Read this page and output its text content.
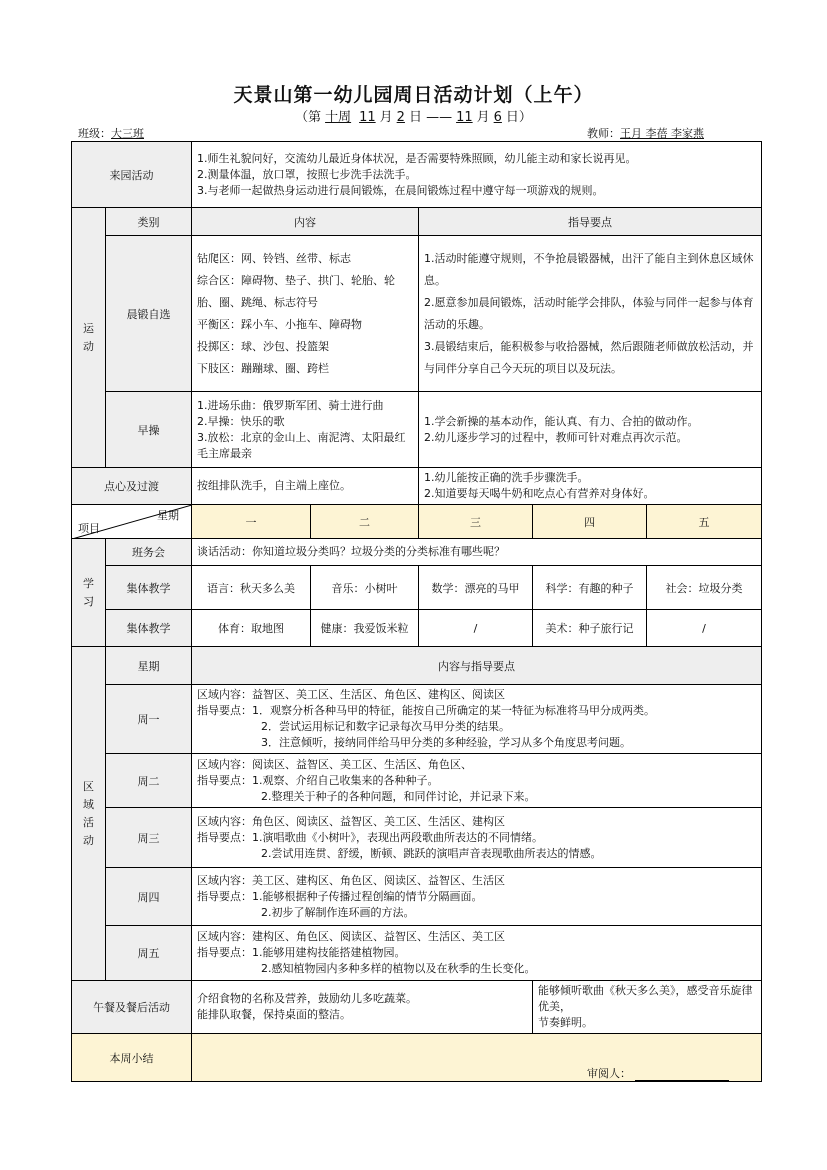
天景山第一幼儿园周日活动计划（上午）
（第 十周 11 月 2 日 —— 11 月 6 日）
班级：大三班	教师：王月 李蓓 李家燕
来园活动		1.师生礼貌问好，交流幼儿最近身体状况，是否需要特殊照顾，幼儿能主动和家长说再见。
2.测量体温，放口罩，按照七步洗手法洗手。
3.与老师一起做热身运动进行晨间锻炼，在晨间锻炼过程中遵守每一项游戏的规则。				

运
动	类别	内容		指导要点		
	晨锻自选	钻爬区：网、铃铛、丝带、标志
综合区：障碍物、垫子、拱门、轮胎、轮胎、圈、跳绳、标志符号
平衡区：踩小车、小拖车、障碍物
投掷区：球、沙包、投篮架
下肢区：蹦蹦球、圈、跨栏		1.活动时能遵守规则，不争抢晨锻器械，出汗了能自主到休息区域休息。
2.愿意参加晨间锻炼，活动时能学会排队，体验与同伴一起参与体育活动的乐趣。
3.晨锻结束后，能积极参与收拾器械，然后跟随老师做放松活动，并与同伴分享自己今天玩的项目以及玩法。		

	早操	1.进场乐曲：俄罗斯军团、骑士进行曲
2.早操：快乐的歌
3.放松：北京的金山上、南泥湾、太阳最红毛主席最亲		1.学会新操的基本动作，能认真、有力、合拍的做动作。
2.幼儿逐步学习的过程中，教师可针对难点再次示范。		

点心及过渡		按组排队洗手，自主端上座位。		1.幼儿能按正确的洗手步骤洗手。
2.知道要每天喝牛奶和吃点心有营养对身体好。		

星期
项目		一	二	三	四	五

学
习	班务会	谈话活动：你知道垃圾分类吗？垃圾分类的分类标准有哪些呢？				
	集体教学	语言：秋天多么美	音乐：小树叶	数学：漂亮的马甲	科学：有趣的种子	社会：垃圾分类
	集体教学	体育：取地图	健康：我爱饭米粒	/	美术：种子旅行记	/

区
域
活
动	星期	内容与指导要点				
	周一	区域内容：益智区、美工区、生活区、角色区、建构区、阅读区
指导要点：1．观察分析各种马甲的特征，能按自己所确定的某一特征为标准将马甲分成两类。
2．尝试运用标记和数字记录每次马甲分类的结果。
3．注意倾听，接纳同伴给马甲分类的多种经验，学习从多个角度思考问题。				

	周二	区域内容：阅读区、益智区、美工区、生活区、角色区、
指导要点：1.观察、介绍自己收集来的各种种子。
2.整理关于种子的各种问题，和同伴讨论，并记录下来。				

	周三	区域内容：角色区、阅读区、益智区、美工区、生活区、建构区
指导要点：1.演唱歌曲《小树叶》，表现出两段歌曲所表达的不同情绪。
2.尝试用连贯、舒缓，断顿、跳跃的演唱声音表现歌曲所表达的情感。				

	周四	区域内容：美工区、建构区、角色区、阅读区、益智区、生活区
指导要点：1.能够根据种子传播过程创编的情节分隔画面。
2.初步了解制作连环画的方法。				

	周五	区域内容：建构区、角色区、阅读区、益智区、生活区、美工区
指导要点：1.能够用建构技能搭建植物园。
2.感知植物园内多种多样的植物以及在秋季的生长变化。				

午餐及餐后活动		介绍食物的名称及营养，鼓励幼儿多吃蔬菜。
能排队取餐，保持桌面的整洁。			能够倾听歌曲《秋天多么美》，感受音乐旋律优美，
节奏鲜明。	

本周小结						
审阅人：
